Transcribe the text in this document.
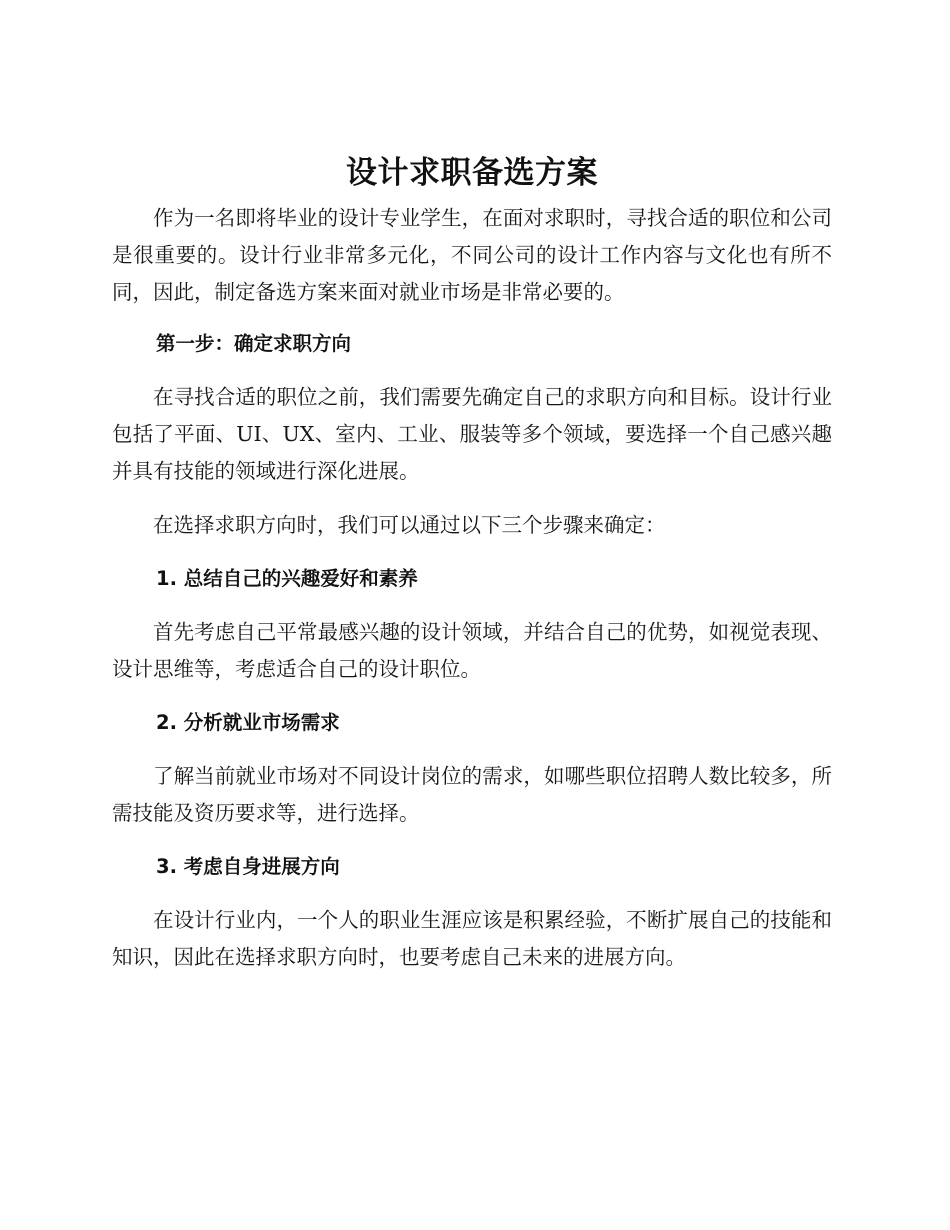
设计求职备选方案

作为一名即将毕业的设计专业学生，在面对求职时，寻找合适的职位和公司是很重要的。设计行业非常多元化，不同公司的设计工作内容与文化也有所不同，因此，制定备选方案来面对就业市场是非常必要的。

第一步：确定求职方向

在寻找合适的职位之前，我们需要先确定自己的求职方向和目标。设计行业包括了平面、UI、UX、室内、工业、服装等多个领域，要选择一个自己感兴趣并具有技能的领域进行深化进展。

在选择求职方向时，我们可以通过以下三个步骤来确定：

1. 总结自己的兴趣爱好和素养

首先考虑自己平常最感兴趣的设计领域，并结合自己的优势，如视觉表现、设计思维等，考虑适合自己的设计职位。

2. 分析就业市场需求

了解当前就业市场对不同设计岗位的需求，如哪些职位招聘人数比较多，所需技能及资历要求等，进行选择。

3. 考虑自身进展方向

在设计行业内，一个人的职业生涯应该是积累经验，不断扩展自己的技能和知识，因此在选择求职方向时，也要考虑自己未来的进展方向。
